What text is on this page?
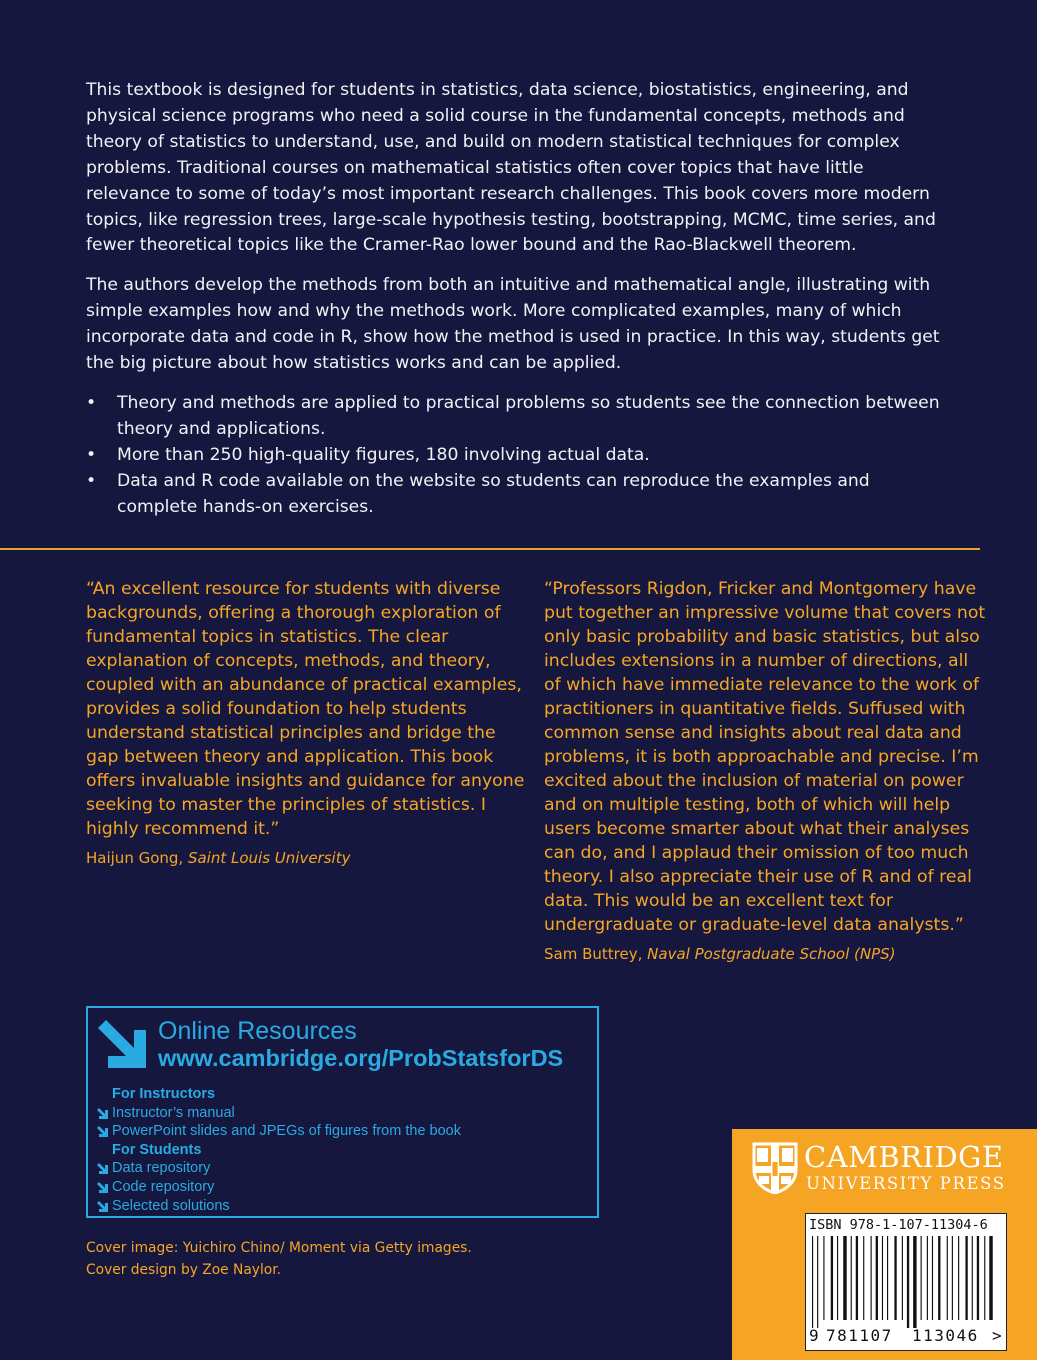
This textbook is designed for students in statistics, data science, biostatistics, engineering, and physical science programs who need a solid course in the fundamental concepts, methods and theory of statistics to understand, use, and build on modern statistical techniques for complex problems. Traditional courses on mathematical statistics often cover topics that have little relevance to some of today’s most important research challenges. This book covers more modern topics, like regression trees, large-scale hypothesis testing, bootstrapping, MCMC, time series, and fewer theoretical topics like the Cramer-Rao lower bound and the Rao-Blackwell theorem.

The authors develop the methods from both an intuitive and mathematical angle, illustrating with simple examples how and why the methods work. More complicated examples, many of which incorporate data and code in R, show how the method is used in practice. In this way, students get the big picture about how statistics works and can be applied.

• Theory and methods are applied to practical problems so students see the connection between theory and applications.
• More than 250 high-quality figures, 180 involving actual data.
• Data and R code available on the website so students can reproduce the examples and complete hands-on exercises.

“An excellent resource for students with diverse backgrounds, offering a thorough exploration of fundamental topics in statistics. The clear explanation of concepts, methods, and theory, coupled with an abundance of practical examples, provides a solid foundation to help students understand statistical principles and bridge the gap between theory and application. This book offers invaluable insights and guidance for anyone seeking to master the principles of statistics. I highly recommend it.”

Haijun Gong, Saint Louis University

“Professors Rigdon, Fricker and Montgomery have put together an impressive volume that covers not only basic probability and basic statistics, but also includes extensions in a number of directions, all of which have immediate relevance to the work of practitioners in quantitative fields. Suffused with common sense and insights about real data and problems, it is both approachable and precise. I’m excited about the inclusion of material on power and on multiple testing, both of which will help users become smarter about what their analyses can do, and I applaud their omission of too much theory. I also appreciate their use of R and of real data. This would be an excellent text for undergraduate or graduate-level data analysts.”

Sam Buttrey, Naval Postgraduate School (NPS)
Online Resources
www.cambridge.org/ProbStatsforDS
For Instructors
Instructor’s manual
PowerPoint slides and JPEGs of figures from the book
For Students
Data repository
Code repository
Selected solutions
Cover image: Yuichiro Chino/ Moment via Getty images.
Cover design by Zoe Naylor.
CAMBRIDGE
UNIVERSITY PRESS
ISBN 978-1-107-11304-6
9 781107 113046 >
